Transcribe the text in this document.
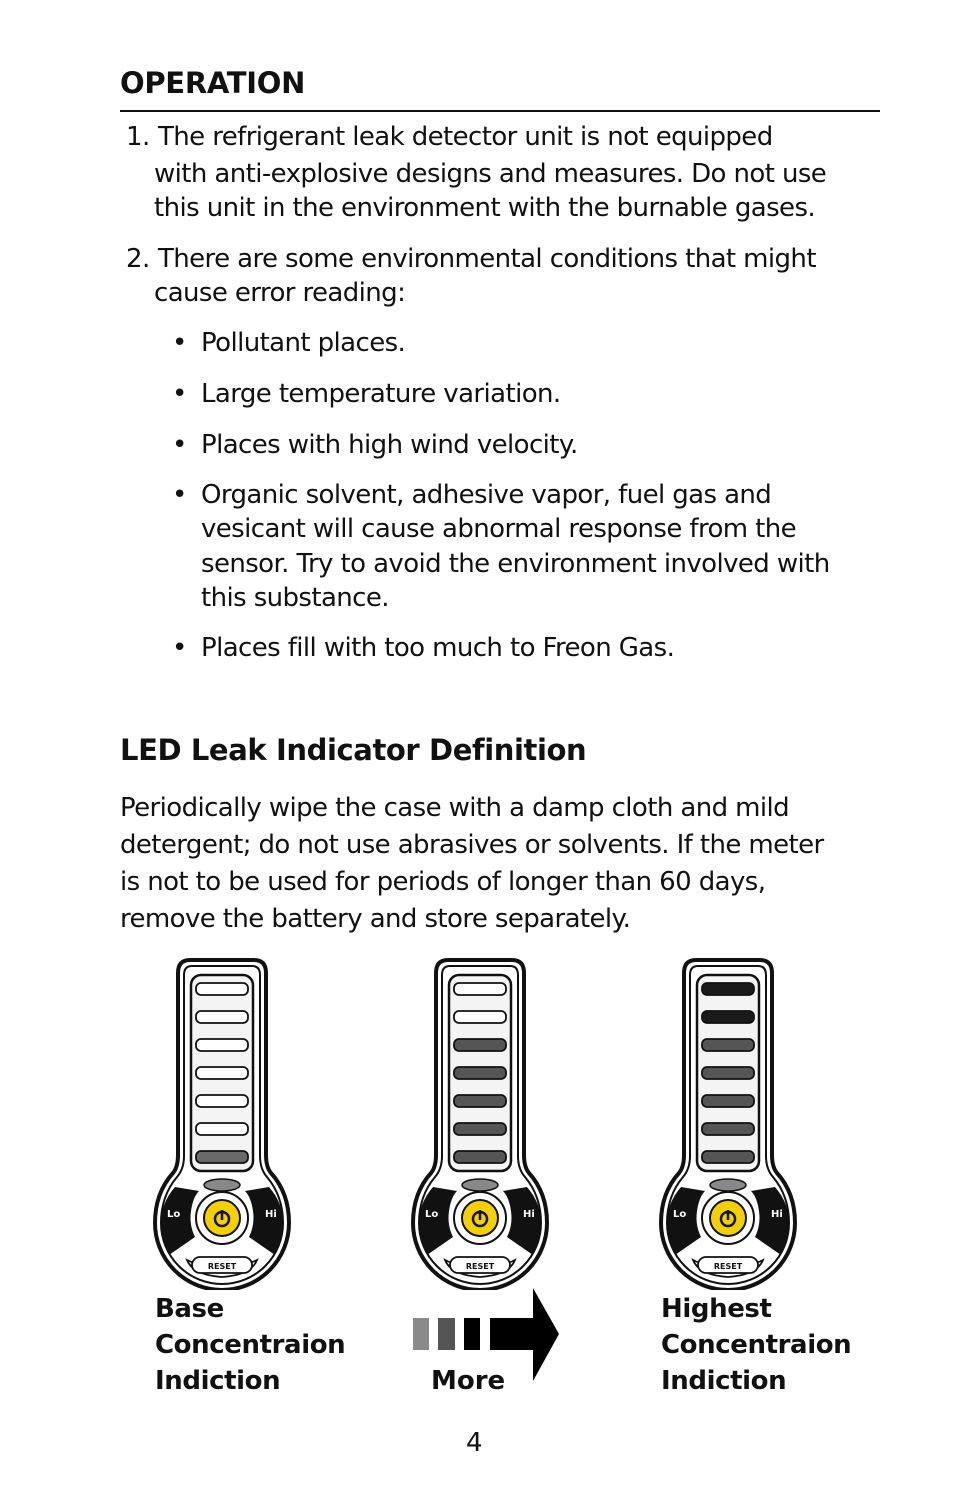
OPERATION
1. The refrigerant leak detector unit is not equipped
with anti-explosive designs and measures. Do not use
this unit in the environment with the burnable gases.
2. There are some environmental conditions that might
cause error reading:
• Pollutant places.
• Large temperature variation.
• Places with high wind velocity.
• Organic solvent, adhesive vapor, fuel gas and
vesicant will cause abnormal response from the
sensor. Try to avoid the environment involved with
this substance.
• Places fill with too much to Freon Gas.
LED Leak Indicator Definition
Periodically wipe the case with a damp cloth and mild
detergent; do not use abrasives or solvents. If the meter
is not to be used for periods of longer than 60 days,
remove the battery and store separately.
Lo	Hi
RESET
Lo	Hi
RESET
Lo	Hi
RESET
Base
Concentraion
Indiction	More
Highest
Concentraion
Indiction
4
